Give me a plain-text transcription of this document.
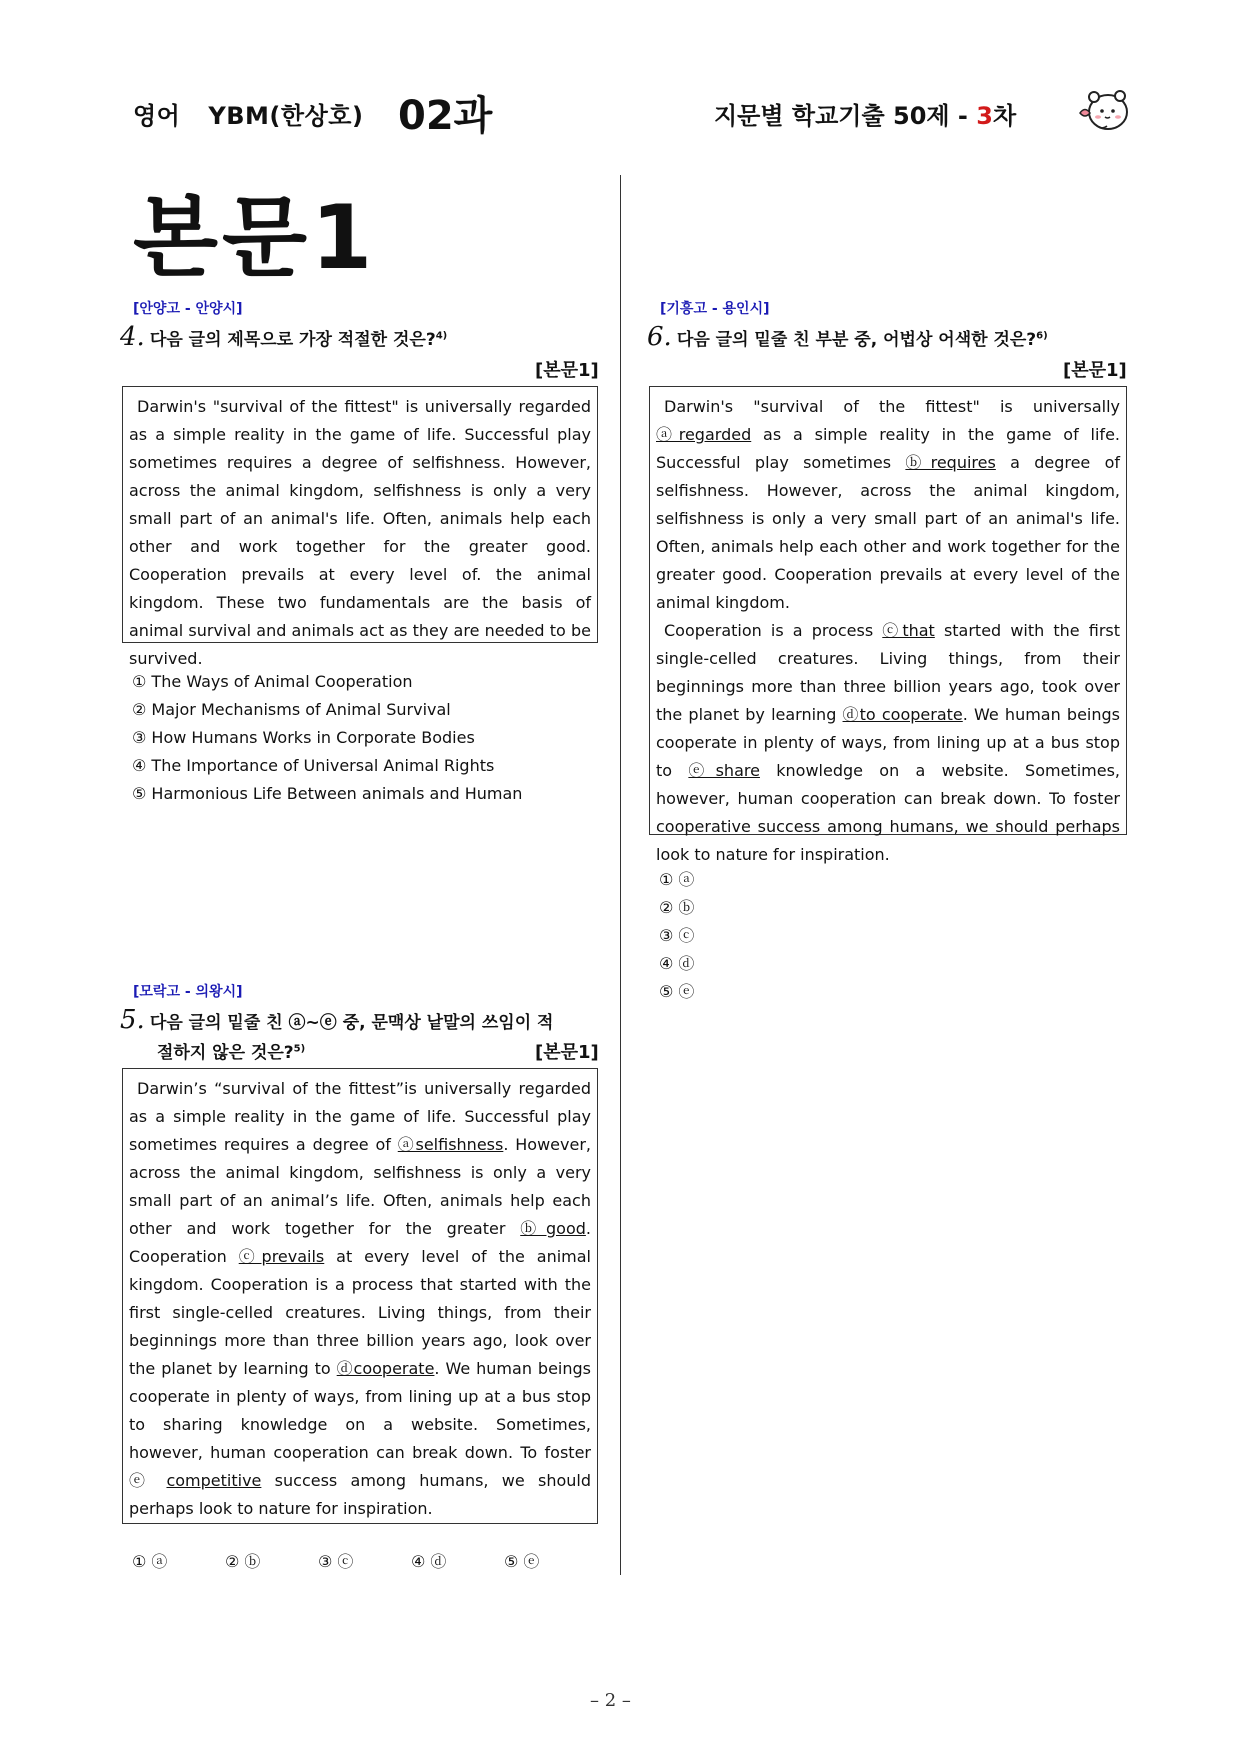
영어 YBM(한상호) 02과	지문별 학교기출 50제 - 3차
본문1
[안양고 - 안양시]
4. 다음 글의 제목으로 가장 적절한 것은?$^{4)}$
[본문1]

Darwin's "survival of the fittest" is universally regarded as a simple reality in the game of life. Successful play sometimes requires a degree of selfishness. However, across the animal kingdom, selfishness is only a very small part of an animal's life. Often, animals help each other and work together for the greater good. Cooperation prevails at every level of. the animal kingdom. These two fundamentals are the basis of animal survival and animals act as they are needed to be survived.

① The Ways of Animal Cooperation
② Major Mechanisms of Animal Survival
③ How Humans Works in Corporate Bodies
④ The Importance of Universal Animal Rights
⑤ Harmonious Life Between animals and Human
[모락고 - 의왕시]
5. 다음 글의 밑줄 친 ⓐ~ⓔ 중, 문맥상 낱말의 쓰임이 적
절하지 않은 것은?$^{5)}$	[본문1]

Darwin’s “survival of the fittest”is universally regarded as a simple reality in the game of life. Successful play sometimes requires a degree of ⓐselfishness. However, across the animal kingdom, selfishness is only a very small part of an animal’s life. Often, animals help each other and work together for the greater ⓑgood. Cooperation ⓒprevails at every level of the animal kingdom. Cooperation is a process that started with the first single-celled creatures. Living things, from their beginnings more than three billion years ago, look over the planet by learning to ⓓcooperate. We human beings cooperate in plenty of ways, from lining up at a bus stop to sharing knowledge on a website. Sometimes, however, human cooperation can break down. To foster ⓔ competitive success among humans, we should perhaps look to nature for inspiration.

① ⓐ	② ⓑ	③ ⓒ	④ ⓓ	⑤ ⓔ
[기흥고 - 용인시]
6. 다음 글의 밑줄 친 부분 중, 어법상 어색한 것은?$^{6)}$
[본문1]

Darwin's "survival of the fittest" is universally ⓐregarded as a simple reality in the game of life. Successful play sometimes ⓑrequires a degree of selfishness. However, across the animal kingdom, selfishness is only a very small part of an animal's life. Often, animals help each other and work together for the greater good. Cooperation prevails at every level of the animal kingdom.

Cooperation is a process ⓒthat started with the first single-celled creatures. Living things, from their beginnings more than three billion years ago, took over the planet by learning ⓓto cooperate. We human beings cooperate in plenty of ways, from lining up at a bus stop to ⓔshare knowledge on a website. Sometimes, however, human cooperation can break down. To foster cooperative success among humans, we should perhaps look to nature for inspiration.

① ⓐ
② ⓑ
③ ⓒ
④ ⓓ
⑤ ⓔ
– 2 –
